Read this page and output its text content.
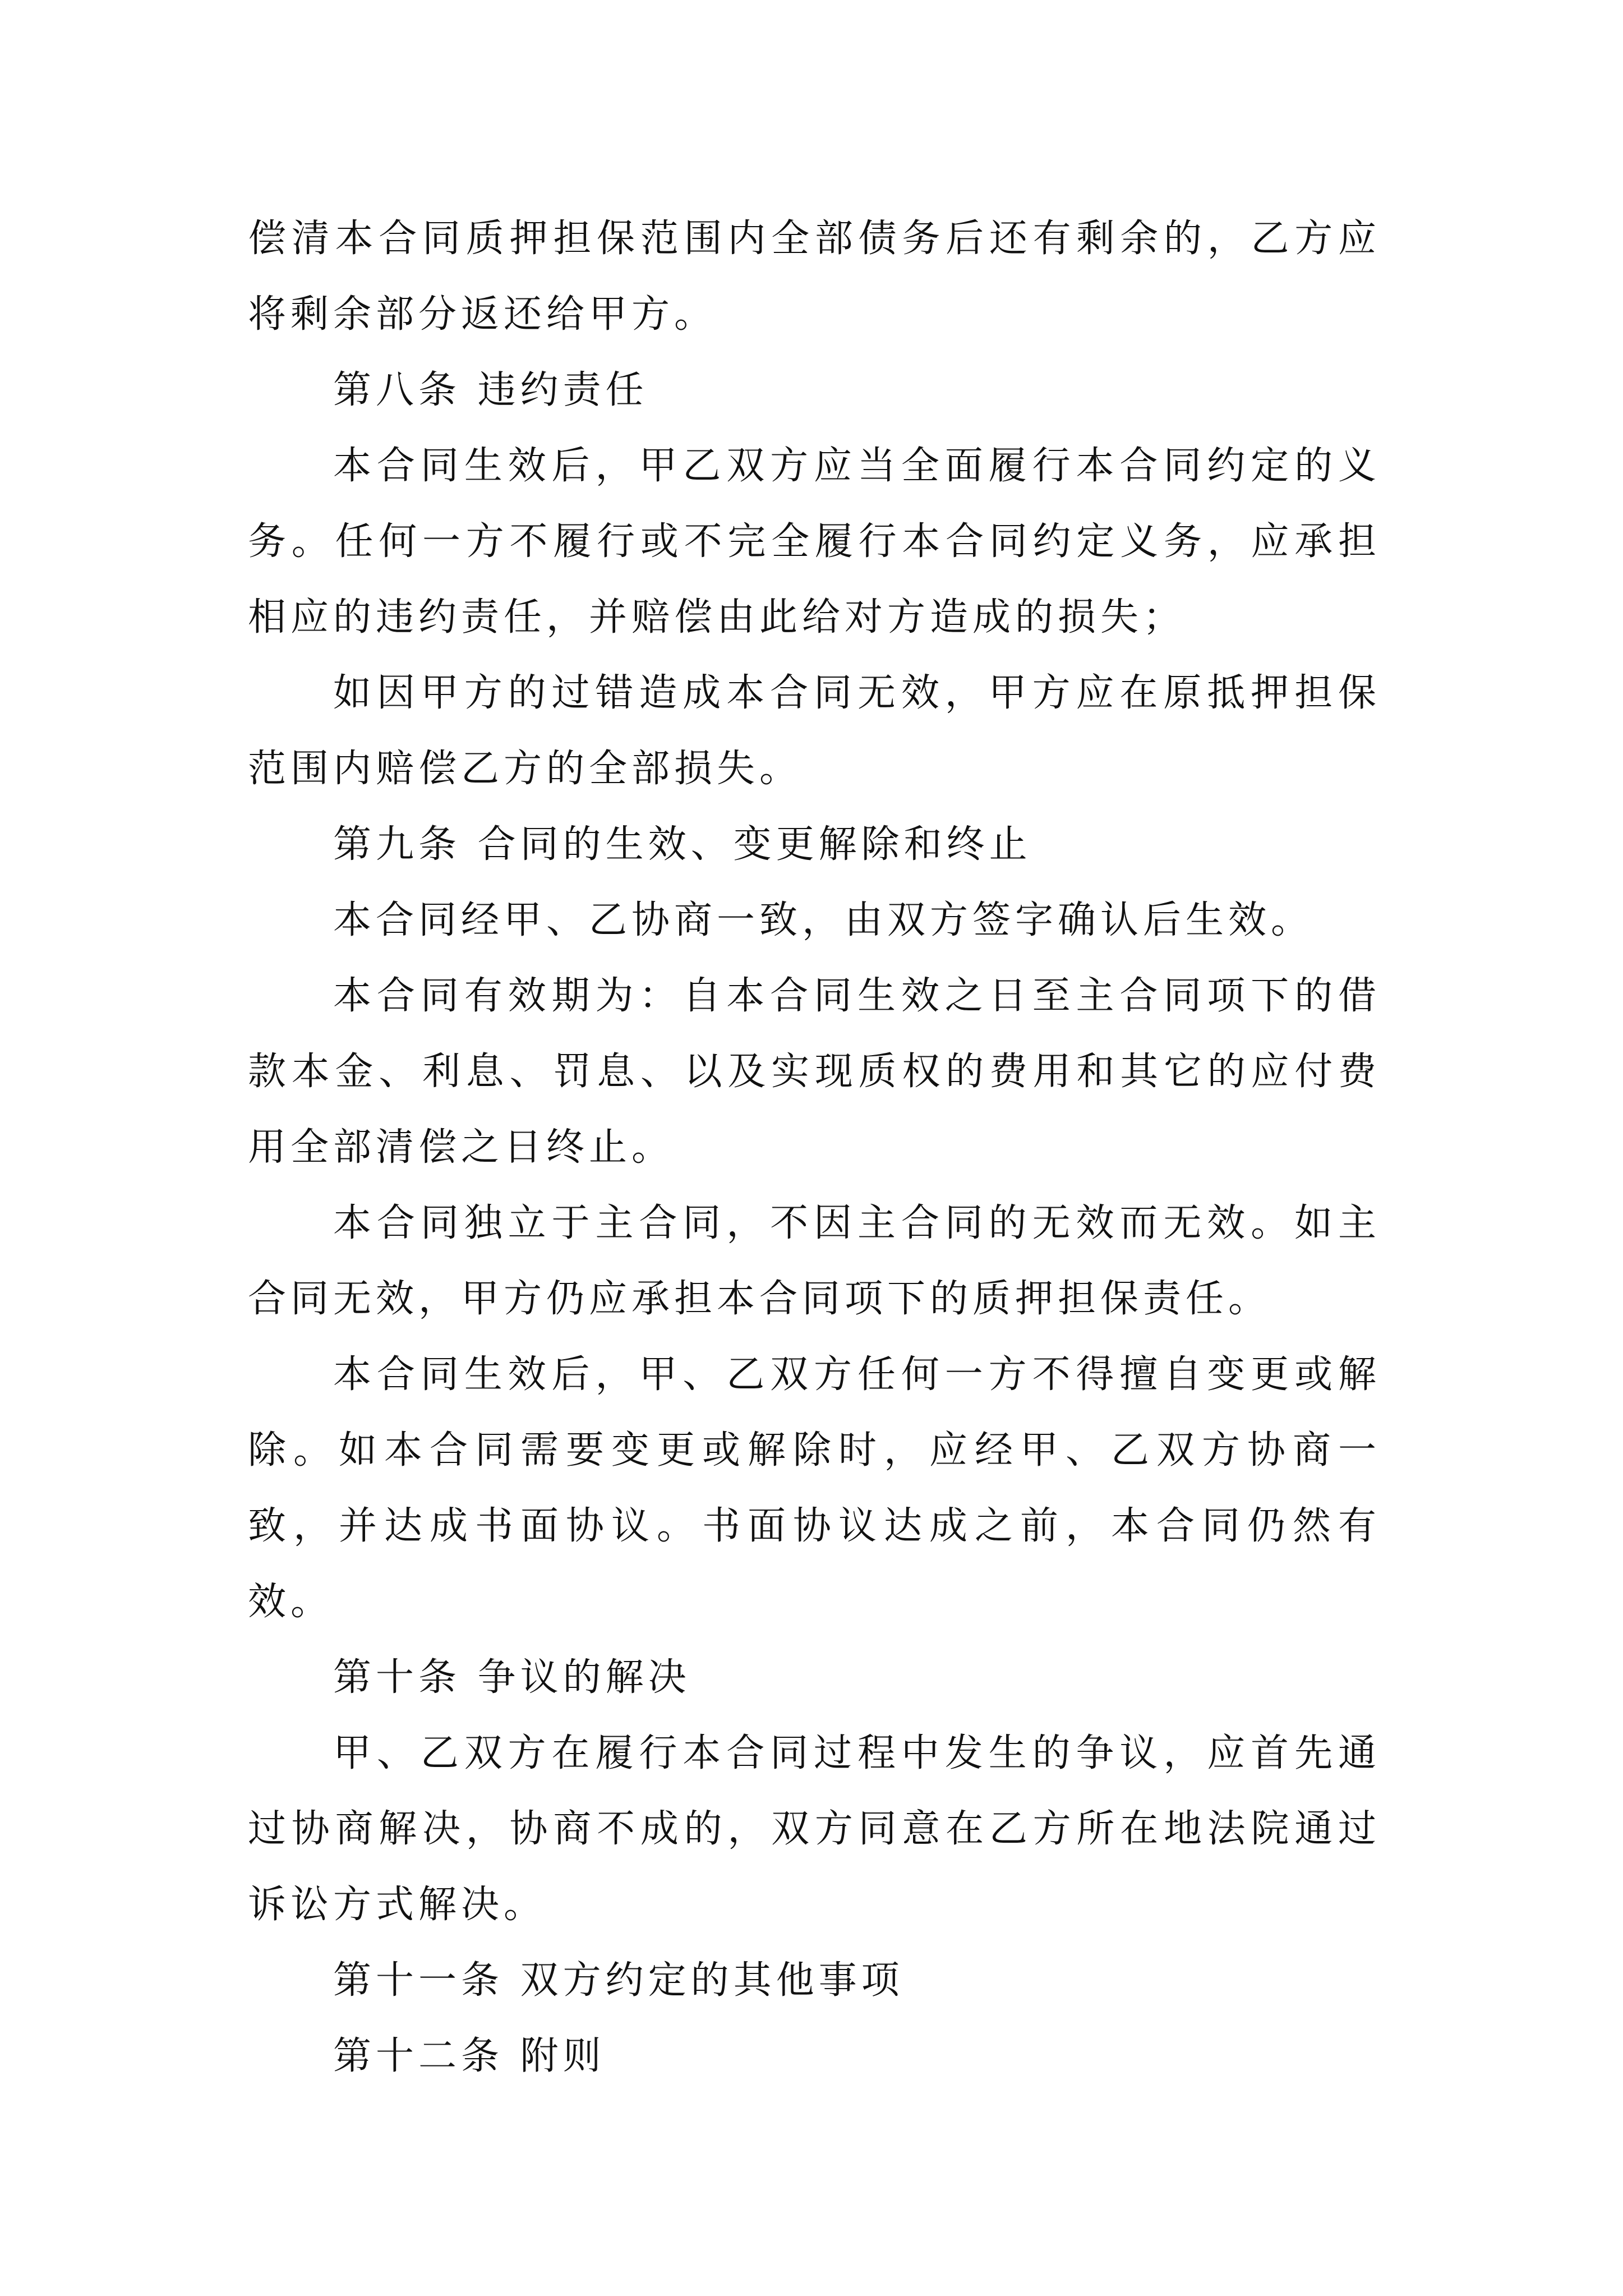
偿清本合同质押担保范围内全部债务后还有剩余的，乙方应将剩余部分返还给甲方。

第八条 违约责任

本合同生效后，甲乙双方应当全面履行本合同约定的义务。任何一方不履行或不完全履行本合同约定义务，应承担相应的违约责任，并赔偿由此给对方造成的损失；

如因甲方的过错造成本合同无效，甲方应在原抵押担保范围内赔偿乙方的全部损失。

第九条 合同的生效、变更解除和终止

本合同经甲、乙协商一致，由双方签字确认后生效。

本合同有效期为：自本合同生效之日至主合同项下的借款本金、利息、罚息、以及实现质权的费用和其它的应付费用全部清偿之日终止。

本合同独立于主合同，不因主合同的无效而无效。如主合同无效，甲方仍应承担本合同项下的质押担保责任。

本合同生效后，甲、乙双方任何一方不得擅自变更或解除。如本合同需要变更或解除时，应经甲、乙双方协商一致，并达成书面协议。书面协议达成之前，本合同仍然有效。

第十条 争议的解决

甲、乙双方在履行本合同过程中发生的争议，应首先通过协商解决，协商不成的，双方同意在乙方所在地法院通过诉讼方式解决。

第十一条 双方约定的其他事项

第十二条 附则
